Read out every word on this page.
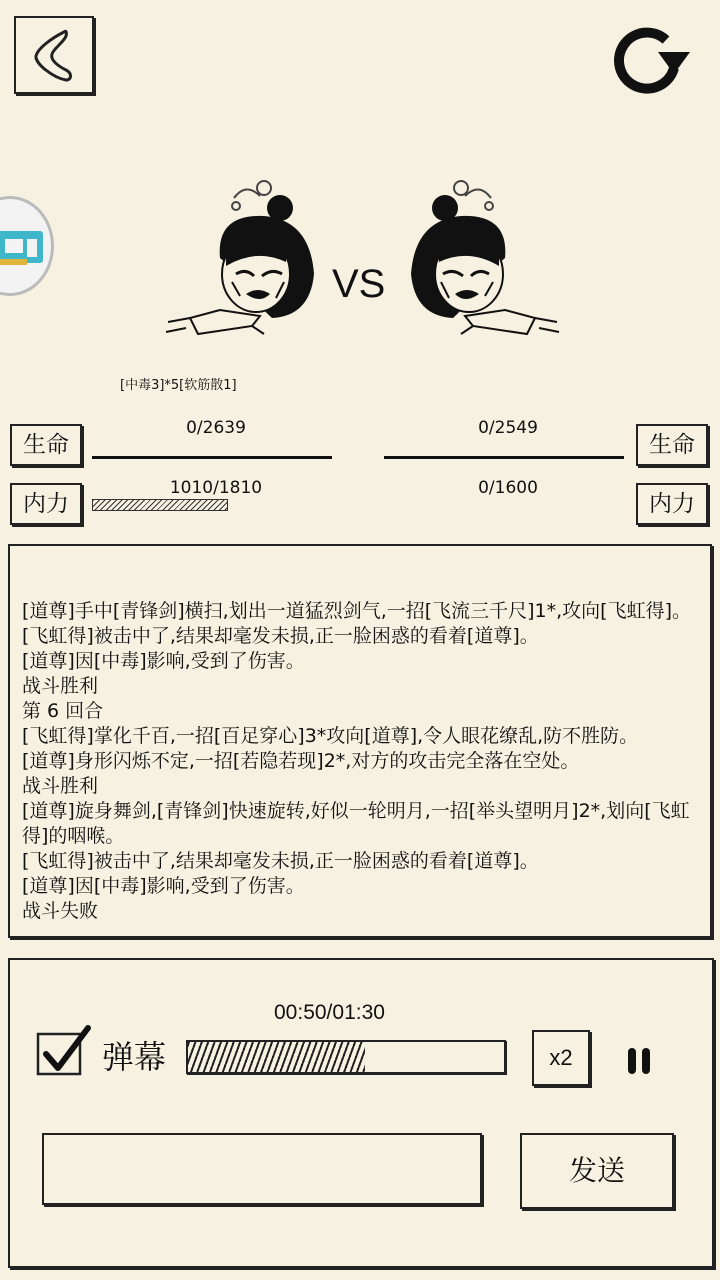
VS
[中毒3]*5[软筋散1]
生命
0/2639
内力
1010/1810
生命
0/2549
内力
0/1600
[道尊]手中[青锋剑]横扫,划出一道猛烈剑气,一招[飞流三千尺]1*,攻向[飞虹得]。
[飞虹得]被击中了,结果却毫发未损,正一脸困惑的看着[道尊]。
[道尊]因[中毒]影响,受到了伤害。
战斗胜利
第 6 回合
[飞虹得]掌化千百,一招[百足穿心]3*攻向[道尊],令人眼花缭乱,防不胜防。
[道尊]身形闪烁不定,一招[若隐若现]2*,对方的攻击完全落在空处。
战斗胜利
[道尊]旋身舞剑,[青锋剑]快速旋转,好似一轮明月,一招[举头望明月]2*,划向[飞虹得]的咽喉。
[飞虹得]被击中了,结果却毫发未损,正一脸困惑的看着[道尊]。
[道尊]因[中毒]影响,受到了伤害。
战斗失败
00:50/01:30
弹幕	x2
发送
